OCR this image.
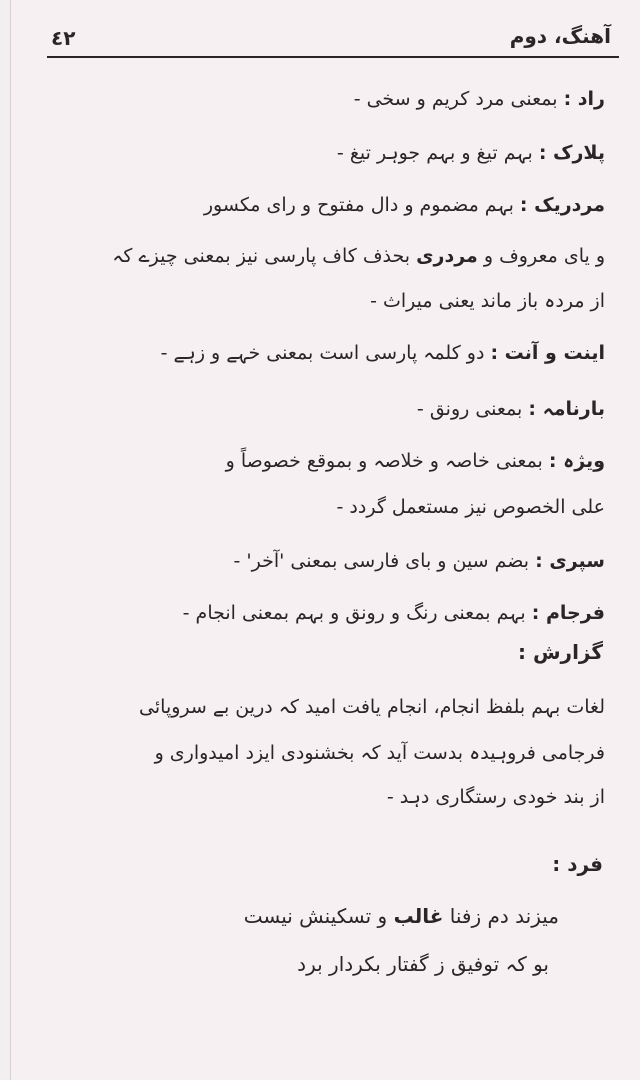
٤٢	آهنگ، دوم
راد : بمعنی مرد کریم و سخی -
پلارک : بہم تیغ و بہم جوہر تیغ -
مردریک : بہم مضموم و دال مفتوح و رای مکسور
و یای معروف و مردری بحذف کاف پارسی نیز بمعنی چیزے کہ
از مردہ باز ماند یعنی میراث -
اینت و آنت : دو کلمہ پارسی است بمعنی خہے و زہے -
بارنامہ : بمعنی رونق -
ویژہ : بمعنی خاصہ و خلاصہ و بموقع خصوصاً و
علی الخصوص نیز مستعمل گردد -
سپری : بضم سین و بای فارسی بمعنی 'آخر' -
فرجام : بہم بمعنی رنگ و رونق و بہم بمعنی انجام -
گزارش :
لغات بہم بلفظ انجام، انجام یافت امید کہ درین بے سروپائی
فرجامی فروہیدہ بدست آید کہ بخشنودی ایزد امیدواری و
از بند خودی رستگاری دہد -
فرد :
میزند دم زفنا غالب و تسکینش نیست
بو کہ توفیق ز گفتار بکردار برد
